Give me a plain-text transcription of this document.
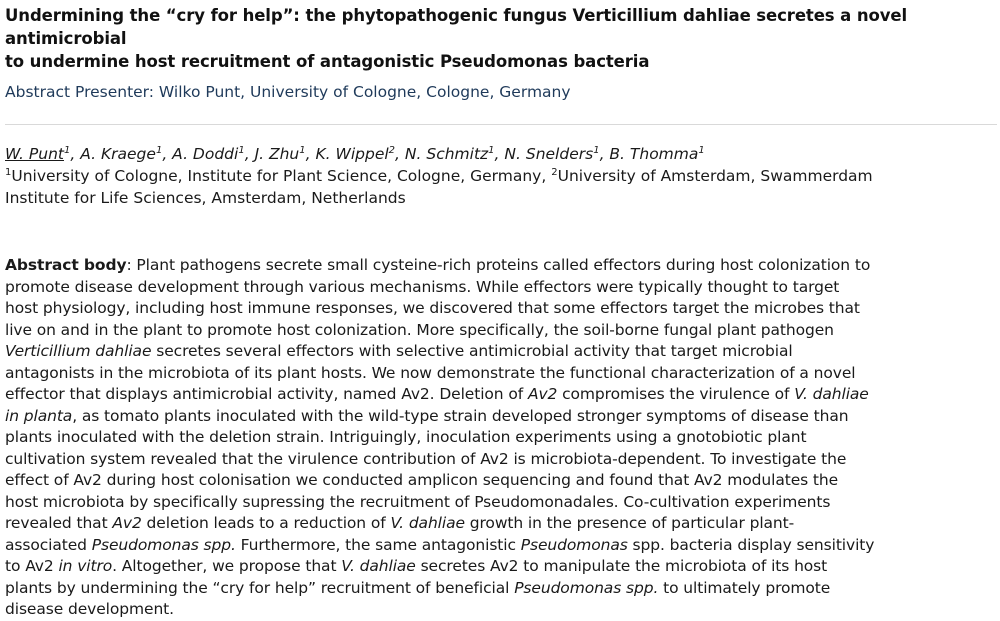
Undermining the “cry for help”: the phytopathogenic fungus Verticillium dahliae secretes a novel antimicrobial
to undermine host recruitment of antagonistic Pseudomonas bacteria
Abstract Presenter: Wilko Punt, University of Cologne, Cologne, Germany
W. Punt$^1$, A. Kraege$^1$, A. Doddi$^1$, J. Zhu$^1$, K. Wippel$^2$, N. Schmitz$^1$, N. Snelders$^1$, B. Thomma$^1$
$^1$University of Cologne, Institute for Plant Science, Cologne, Germany, $^2$University of Amsterdam, Swammerdam
Institute for Life Sciences, Amsterdam, Netherlands
Abstract body: Plant pathogens secrete small cysteine-rich proteins called effectors during host colonization to
promote disease development through various mechanisms. While effectors were typically thought to target
host physiology, including host immune responses, we discovered that some effectors target the microbes that
live on and in the plant to promote host colonization. More specifically, the soil-borne fungal plant pathogen
Verticillium dahliae secretes several effectors with selective antimicrobial activity that target microbial
antagonists in the microbiota of its plant hosts. We now demonstrate the functional characterization of a novel
effector that displays antimicrobial activity, named Av2. Deletion of Av2 compromises the virulence of V. dahliae
in planta, as tomato plants inoculated with the wild-type strain developed stronger symptoms of disease than
plants inoculated with the deletion strain. Intriguingly, inoculation experiments using a gnotobiotic plant
cultivation system revealed that the virulence contribution of Av2 is microbiota-dependent. To investigate the
effect of Av2 during host colonisation we conducted amplicon sequencing and found that Av2 modulates the
host microbiota by specifically supressing the recruitment of Pseudomonadales. Co-cultivation experiments
revealed that Av2 deletion leads to a reduction of V. dahliae growth in the presence of particular plant-
associated Pseudomonas spp. Furthermore, the same antagonistic Pseudomonas spp. bacteria display sensitivity
to Av2 in vitro. Altogether, we propose that V. dahliae secretes Av2 to manipulate the microbiota of its host
plants by undermining the “cry for help” recruitment of beneficial Pseudomonas spp. to ultimately promote
disease development.
